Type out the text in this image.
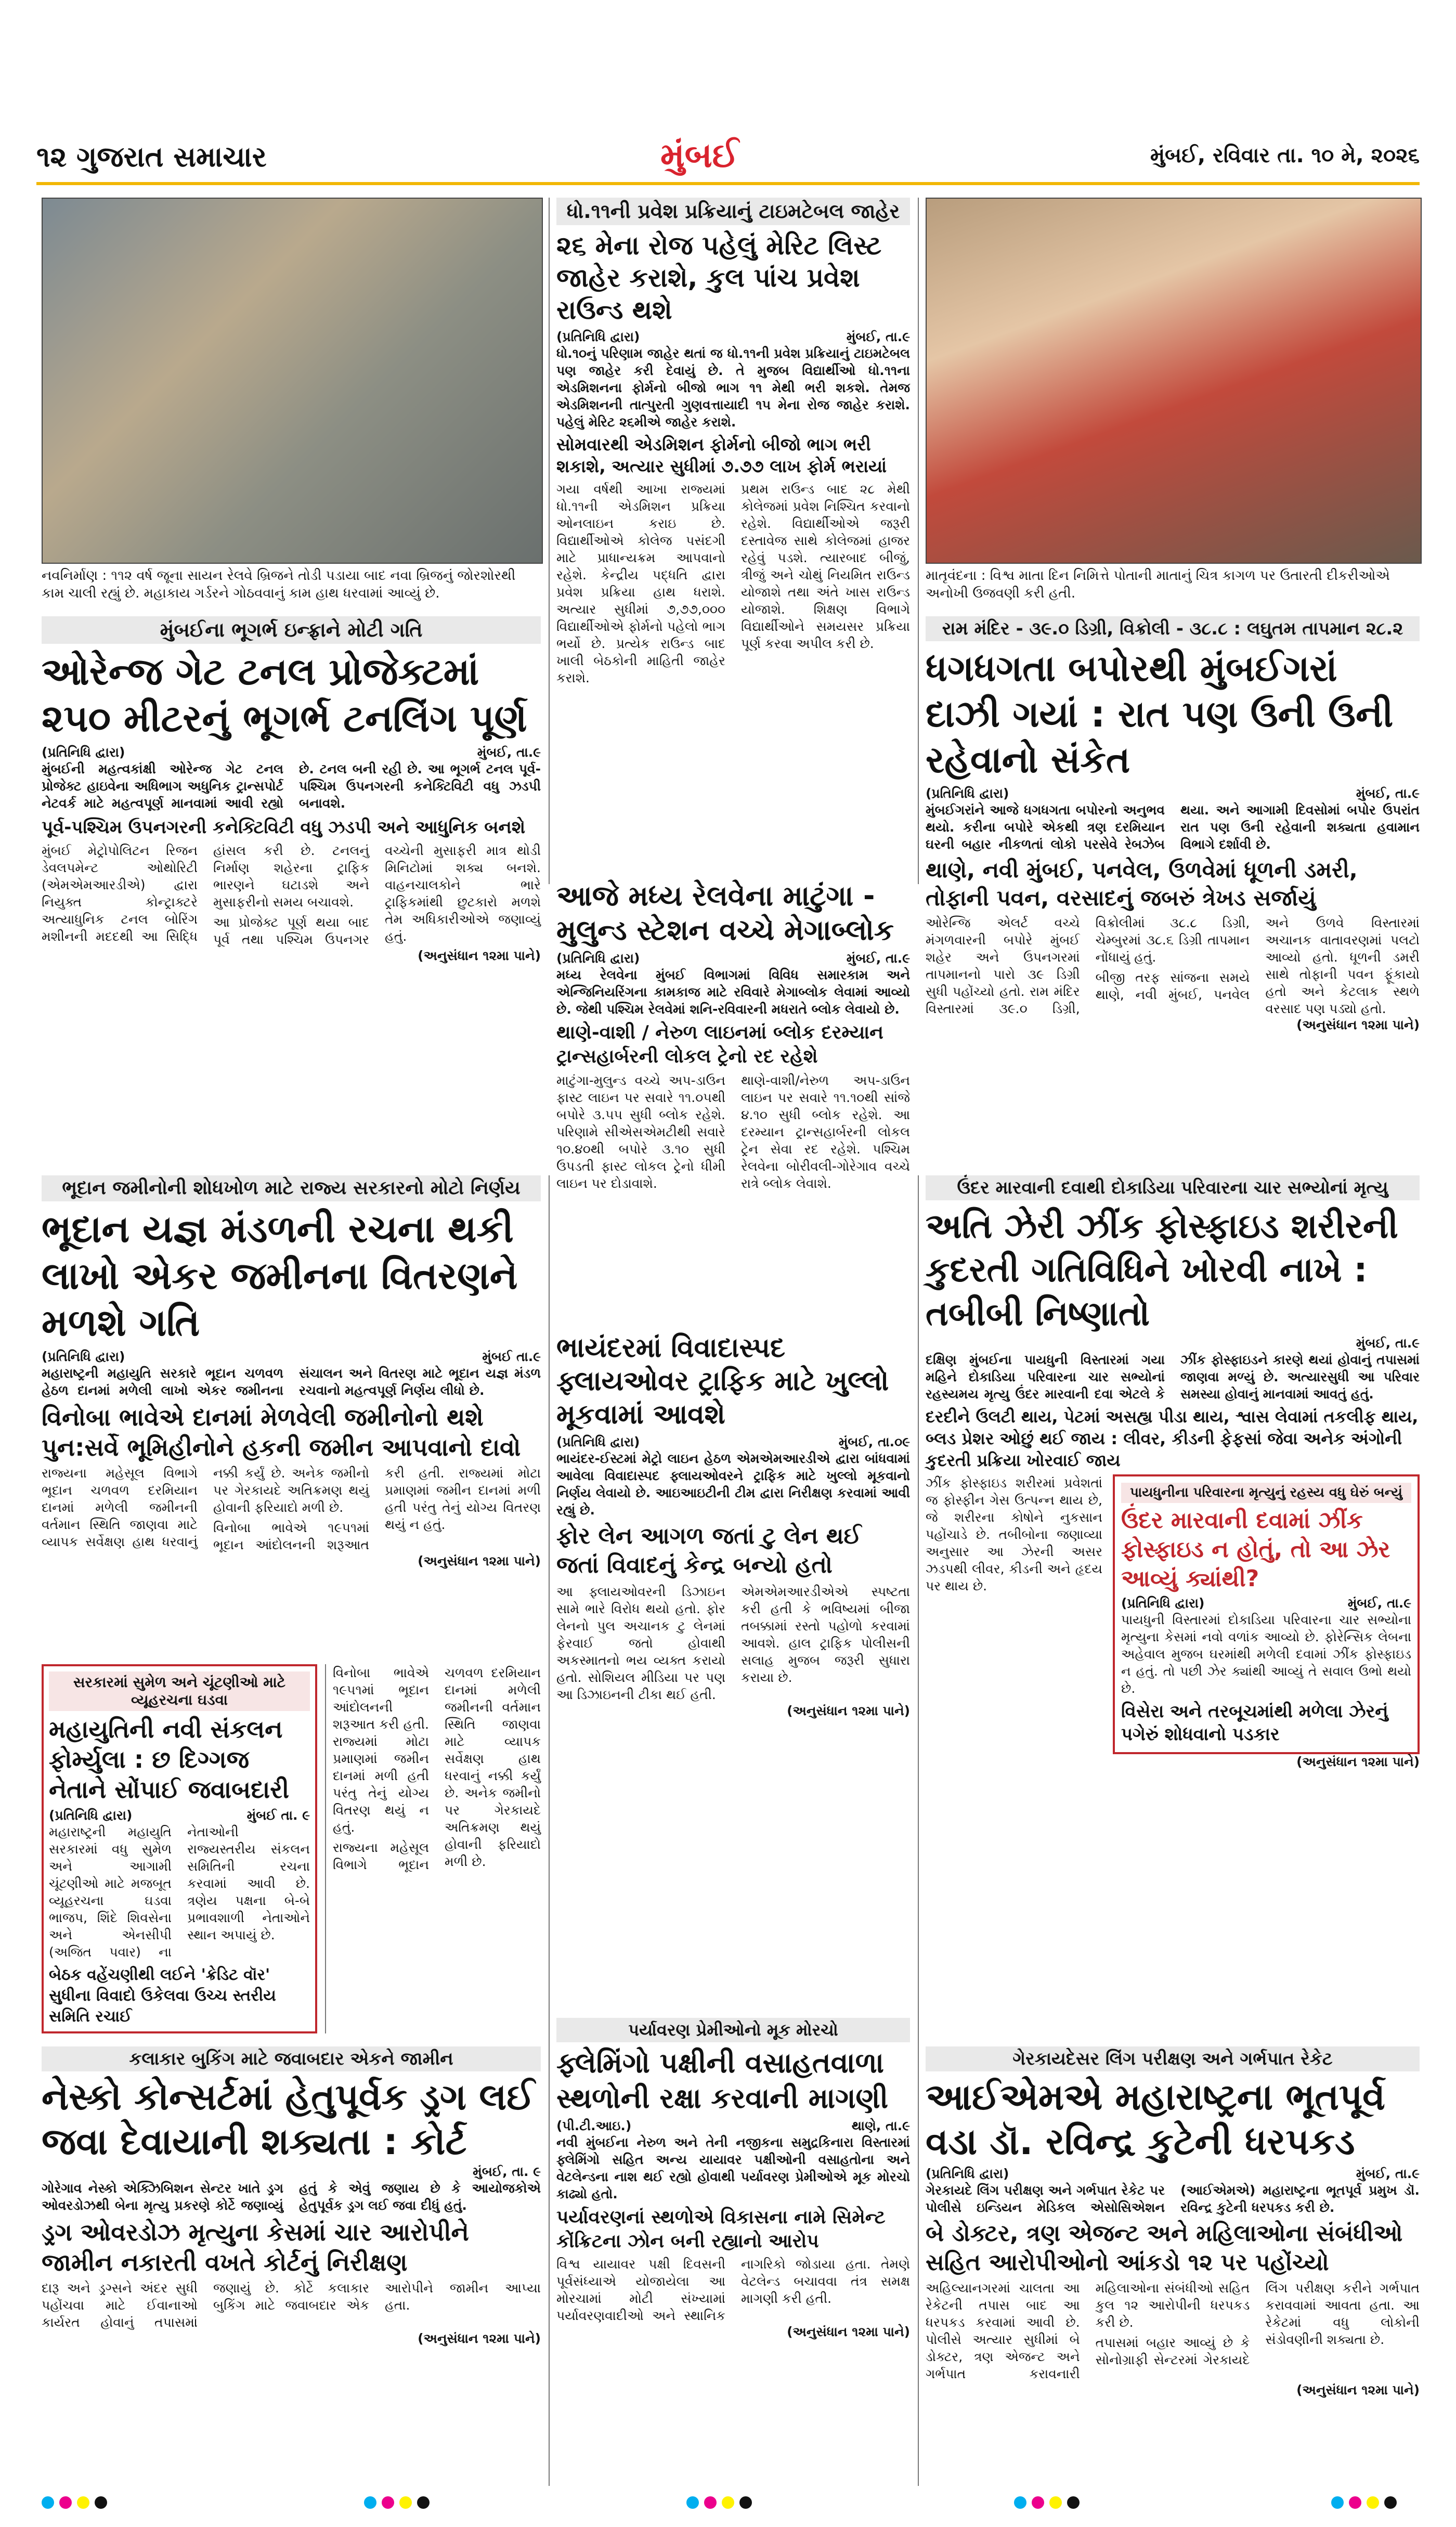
૧૨ ગુજરાત સમાચાર	મુંબઈ	મુંબઈ, રવિવાર તા. ૧૦ મે, ૨૦૨૬
નવનિર્માણ : ૧૧૨ વર્ષ જૂના સાયન રેલવે બ્રિજને તોડી પડાયા બાદ નવા બ્રિજનું જોરશોરથી કામ ચાલી રહ્યું છે. મહાકાય ગર્ડરને ગોઠવવાનું કામ હાથ ધરવામાં આવ્યું છે.
ધો.૧૧ની પ્રવેશ પ્રક્રિયાનું ટાઇમટેબલ જાહેર
૨૬ મેના રોજ પહેલું મેરિટ લિસ્ટ જાહેર કરાશે, કુલ પાંચ પ્રવેશ રાઉન્ડ થશે
(પ્રતિનિધિ દ્વારા)	મુંબઈ, તા.૯
ધો.૧૦નું પરિણામ જાહેર થતાં જ ધો.૧૧ની પ્રવેશ પ્રક્રિયાનું ટાઇમટેબલ પણ જાહેર કરી દેવાયું છે. તે મુજબ વિદ્યાર્થીઓ ધો.૧૧ના એડમિશનના ફોર્મનો બીજો ભાગ ૧૧ મેથી ભરી શકશે. તેમજ એડમિશનની તાત્પુરતી ગુણવત્તાયાદી ૧૫ મેના રોજ જાહેર કરાશે. પહેલું મેરિટ ૨૬મીએ જાહેર કરાશે.
સોમવારથી એડમિશન ફોર્મનો બીજો ભાગ ભરી શકાશે, અત્યાર સુધીમાં ૭.૭૭ લાખ ફોર્મ ભરાયાં

ગયા વર્ષથી આખા રાજ્યમાં ધો.૧૧ની એડમિશન પ્રક્રિયા ઓનલાઇન કરાઇ છે. વિદ્યાર્થીઓએ કોલેજ પસંદગી માટે પ્રાધાન્યક્રમ આપવાનો રહેશે. કેન્દ્રીય પદ્ધતિ દ્વારા પ્રવેશ પ્રક્રિયા હાથ ધરાશે. અત્યાર સુધીમાં ૭,૭૭,૦૦૦ વિદ્યાર્થીઓએ ફોર્મનો પહેલો ભાગ ભર્યો છે. પ્રત્યેક રાઉન્ડ બાદ ખાલી બેઠકોની માહિતી જાહેર કરાશે.

પ્રથમ રાઉન્ડ બાદ ૨૮ મેથી કોલેજમાં પ્રવેશ નિશ્ચિત કરવાનો રહેશે. વિદ્યાર્થીઓએ જરૂરી દસ્તાવેજ સાથે કોલેજમાં હાજર રહેવું પડશે. ત્યારબાદ બીજું, ત્રીજું અને ચોથું નિયમિત રાઉન્ડ યોજાશે તથા અંતે ખાસ રાઉન્ડ યોજાશે. શિક્ષણ વિભાગે વિદ્યાર્થીઓને સમયસર પ્રક્રિયા પૂર્ણ કરવા અપીલ કરી છે.

માતૃવંદના : વિશ્વ માતા દિન નિમિત્તે પોતાની માતાનું ચિત્ર કાગળ પર ઉતારતી દીકરીઓએ અનોખી ઉજવણી કરી હતી.
મુંબઈના ભૂગર્ભ ઇન્ફ્રાને મોટી ગતિ
ઓરેન્જ ગેટ ટનલ પ્રોજેક્ટમાં ૨૫૦ મીટરનું ભૂગર્ભ ટનલિંગ પૂર્ણ
(પ્રતિનિધિ દ્વારા)	મુંબઈ, તા.૯
મુંબઈની મહત્વકાંક્ષી ઓરેન્જ ગેટ ટનલ પ્રોજેક્ટ હાઇવેના અધિભાગ અધુનિક ટ્રાન્સપોર્ટ નેટવર્ક માટે મહત્વપૂર્ણ માનવામાં આવી રહ્યો છે. ટનલ બની રહી છે. આ ભૂગર્ભ ટનલ પૂર્વ-પશ્ચિમ ઉપનગરની કનેક્ટિવિટી વધુ ઝડપી બનાવશે.
પૂર્વ-પશ્ચિમ ઉપનગરની કનેક્ટિવિટી વધુ ઝડપી અને આધુનિક બનશે

મુંબઈ મેટ્રોપોલિટન રિજન ડેવલપમેન્ટ ઓથોરિટી (એમએમઆરડીએ) દ્વારા નિયુક્ત કોન્ટ્રાક્ટરે અત્યાધુનિક ટનલ બોરિંગ મશીનની મદદથી આ સિદ્ધિ હાંસલ કરી છે. ટનલનું નિર્માણ શહેરના ટ્રાફિક ભારણને ઘટાડશે અને મુસાફરીનો સમય બચાવશે.

આ પ્રોજેક્ટ પૂર્ણ થયા બાદ પૂર્વ તથા પશ્ચિમ ઉપનગર વચ્ચેની મુસાફરી માત્ર થોડી મિનિટોમાં શક્ય બનશે. વાહનચાલકોને ભારે ટ્રાફિકમાંથી છુટકારો મળશે તેમ અધિકારીઓએ જણાવ્યું હતું.

(અનુસંધાન ૧૨મા પાને)
આજે મધ્ય રેલવેના માટુંગા - મુલુન્ડ સ્ટેશન વચ્ચે મેગાબ્લોક
(પ્રતિનિધિ દ્વારા)	મુંબઈ, તા.૯
મધ્ય રેલવેના મુંબઈ વિભાગમાં વિવિધ સમારકામ અને એન્જિનિયરિંગના કામકાજ માટે રવિવારે મેગાબ્લોક લેવામાં આવ્યો છે. જેથી પશ્ચિમ રેલવેમાં શનિ-રવિવારની મધરાતે બ્લોક લેવાયો છે.
થાણે-વાશી / નેરુળ લાઇનમાં બ્લોક દરમ્યાન ટ્રાન્સહાર્બરની લોકલ ટ્રેનો રદ રહેશે

માટુંગા-મુલુન્ડ વચ્ચે અપ-ડાઉન ફાસ્ટ લાઇન પર સવારે ૧૧.૦૫થી બપોરે ૩.૫૫ સુધી બ્લોક રહેશે. પરિણામે સીએસએમટીથી સવારે ૧૦.૪૦થી બપોરે ૩.૧૦ સુધી ઉપડતી ફાસ્ટ લોકલ ટ્રેનો ધીમી લાઇન પર દોડાવાશે.

થાણે-વાશી/નેરુળ અપ-ડાઉન લાઇન પર સવારે ૧૧.૧૦થી સાંજે ૪.૧૦ સુધી બ્લોક રહેશે. આ દરમ્યાન ટ્રાન્સહાર્બરની લોકલ ટ્રેન સેવા રદ રહેશે. પશ્ચિમ રેલવેના બોરીવલી-ગોરેગાવ વચ્ચે રાત્રે બ્લોક લેવાશે.

રામ મંદિર - ૩૯.૦ ડિગ્રી, વિક્રોલી - ૩૮.૮ : લઘુતમ તાપમાન ૨૮.૨
ધગધગતા બપોરથી મુંબઈગરાં દાઝી ગયાં : રાત પણ ઉની ઉની રહેવાનો સંકેત
(પ્રતિનિધિ દ્વારા)	મુંબઈ, તા.૯
મુંબઈગરાંને આજે ધગધગતા બપોરનો અનુભવ થયો. કરીના બપોરે એકથી ત્રણ દરમિયાન ઘરની બહાર નીકળતાં લોકો પરસેવે રેબઝેબ થયા. અને આગામી દિવસોમાં બપોર ઉપરાંત રાત પણ ઉની રહેવાની શક્યતા હવામાન વિભાગે દર્શાવી છે.
થાણે, નવી મુંબઈ, પનવેલ, ઉળવેમાં ધૂળની ડમરી, તોફાની પવન, વરસાદનું જબરું ત્રેખડ સર્જાયું

ઓરેન્જિ એલર્ટ વચ્ચે મંગળવારની બપોરે મુંબઈ શહેર અને ઉપનગરમાં તાપમાનનો પારો ૩૯ ડિગ્રી સુધી પહોંચ્યો હતો. રામ મંદિર વિસ્તારમાં ૩૯.૦ ડિગ્રી, વિક્રોલીમાં ૩૮.૮ ડિગ્રી, ચેમ્બુરમાં ૩૮.૬ ડિગ્રી તાપમાન નોંધાયું હતું.

બીજી તરફ સાંજના સમયે થાણે, નવી મુંબઈ, પનવેલ અને ઉળવે વિસ્તારમાં અચાનક વાતાવરણમાં પલટો આવ્યો હતો. ધૂળની ડમરી સાથે તોફાની પવન ફૂંકાયો હતો અને કેટલાક સ્થળે વરસાદ પણ પડ્યો હતો.

(અનુસંધાન ૧૨મા પાને)
ભૂદાન જમીનોની શોધખોળ માટે રાજ્ય સરકારનો મોટો નિર્ણય
ભૂદાન યજ્ઞ મંડળની રચના થકી લાખો એકર જમીનના વિતરણને મળશે ગતિ
(પ્રતિનિધિ દ્વારા)	મુંબઈ તા.૯
મહારાષ્ટ્રની મહાયુતિ સરકારે ભૂદાન ચળવળ હેઠળ દાનમાં મળેલી લાખો એકર જમીનના સંચાલન અને વિતરણ માટે ભૂદાન યજ્ઞ મંડળ રચવાનો મહત્વપૂર્ણ નિર્ણય લીધો છે.
વિનોબા ભાવેએ દાનમાં મેળવેલી જમીનોનો થશે પુન:સર્વે ભૂમિહીનોને હકની જમીન આપવાનો દાવો

રાજ્યના મહેસૂલ વિભાગે ભૂદાન ચળવળ દરમિયાન દાનમાં મળેલી જમીનની વર્તમાન સ્થિતિ જાણવા માટે વ્યાપક સર્વેક્ષણ હાથ ધરવાનું નક્કી કર્યું છે. અનેક જમીનો પર ગેરકાયદે અતિક્રમણ થયું હોવાની ફરિયાદો મળી છે.

વિનોબા ભાવેએ ૧૯૫૧માં ભૂદાન આંદોલનની શરૂઆત કરી હતી. રાજ્યમાં મોટા પ્રમાણમાં જમીન દાનમાં મળી હતી પરંતુ તેનું યોગ્ય વિતરણ થયું ન હતું.

(અનુસંધાન ૧૨મા પાને)
સરકારમાં સુમેળ અને ચૂંટણીઓ માટે વ્યૂહરચના ઘડવા
મહાયુતિની નવી સંકલન ફોર્મ્યુલા : છ દિગ્ગજ નેતાને સોંપાઈ જવાબદારી
(પ્રતિનિધિ દ્વારા)	મુંબઈ તા. ૯
મહારાષ્ટ્રની મહાયુતિ સરકારમાં વધુ સુમેળ અને આગામી ચૂંટણીઓ માટે મજબૂત વ્યૂહરચના ઘડવા ભાજપ, શિંદે શિવસેના અને એનસીપી (અજિત પવાર) ના નેતાઓની રાજ્યસ્તરીય સંકલન સમિતિની રચના કરવામાં આવી છે. ત્રણેય પક્ષના બે-બે પ્રભાવશાળી નેતાઓને સ્થાન અપાયું છે.
બેઠક વહેંચણીથી લઈને 'ક્રેડિટ વૉર' સુધીના વિવાદો ઉકેલવા ઉચ્ચ સ્તરીય સમિતિ રચાઈ

વિનોબા ભાવેએ ૧૯૫૧માં ભૂદાન આંદોલનની શરૂઆત કરી હતી. રાજ્યમાં મોટા પ્રમાણમાં જમીન દાનમાં મળી હતી પરંતુ તેનું યોગ્ય વિતરણ થયું ન હતું.

રાજ્યના મહેસૂલ વિભાગે ભૂદાન ચળવળ દરમિયાન દાનમાં મળેલી જમીનની વર્તમાન સ્થિતિ જાણવા માટે વ્યાપક સર્વેક્ષણ હાથ ધરવાનું નક્કી કર્યું છે. અનેક જમીનો પર ગેરકાયદે અતિક્રમણ થયું હોવાની ફરિયાદો મળી છે.

ભાયંદરમાં વિવાદાસ્પદ ફ્લાયઓવર ટ્રાફિક માટે ખુલ્લો મૂકવામાં આવશે
(પ્રતિનિધિ દ્વારા)	મુંબઈ, તા.૦૯
ભાયંદર-ઈસ્ટમાં મેટ્રો લાઇન હેઠળ એમએમઆરડીએ દ્વારા બાંધવામાં આવેલા વિવાદાસ્પદ ફ્લાયઓવરને ટ્રાફિક માટે ખુલ્લો મૂકવાનો નિર્ણય લેવાયો છે. આઇઆઇટીની ટીમ દ્વારા નિરીક્ષણ કરવામાં આવી રહ્યું છે.
ફોર લેન આગળ જતાં ટુ લેન થઈ જતાં વિવાદનું કેન્દ્ર બન્યો હતો

આ ફ્લાયઓવરની ડિઝાઇન સામે ભારે વિરોધ થયો હતો. ફોર લેનનો પુલ અચાનક ટુ લેનમાં ફેરવાઈ જતો હોવાથી અકસ્માતનો ભય વ્યક્ત કરાયો હતો. સોશિયલ મીડિયા પર પણ આ ડિઝાઇનની ટીકા થઈ હતી.

એમએમઆરડીએએ સ્પષ્ટતા કરી હતી કે ભવિષ્યમાં બીજા તબક્કામાં રસ્તો પહોળો કરવામાં આવશે. હાલ ટ્રાફિક પોલીસની સલાહ મુજબ જરૂરી સુધારા કરાયા છે.

(અનુસંધાન ૧૨મા પાને)
ઉંદર મારવાની દવાથી દોકાડિયા પરિવારના ચાર સભ્યોનાં મૃત્યુ
અતિ ઝેરી ઝીંક ફોસ્ફાઇડ શરીરની કુદરતી ગતિવિધિને ખોરવી નાખે : તબીબી નિષ્ણાતો
મુંબઈ, તા.૯
દક્ષિણ મુંબઈના પાયધુની વિસ્તારમાં ગયા મહિને દોકાડિયા પરિવારના ચાર સભ્યોનાં રહસ્યમય મૃત્યુ ઉંદર મારવાની દવા એટલે કે ઝીંક ફોસ્ફાઇડને કારણે થયાં હોવાનું તપાસમાં જાણવા મળ્યું છે. અત્યારસુધી આ પરિવાર સમસ્યા હોવાનું માનવામાં આવતું હતું.
દરદીને ઉલટી થાય, પેટમાં અસહ્ય પીડા થાય, શ્વાસ લેવામાં તકલીફ થાય, બ્લડ પ્રેશર ઓછું થઈ જાય : લીવર, કીડની ફેફસાં જેવા અનેક અંગોની કુદરતી પ્રક્રિયા ખોરવાઈ જાય
ઝીંક ફોસ્ફાઇડ શરીરમાં પ્રવેશતાં જ ફોસ્ફીન ગેસ ઉત્પન્ન થાય છે, જે શરીરના કોષોને નુકસાન પહોંચાડે છે. તબીબોના જણાવ્યા અનુસાર આ ઝેરની અસર ઝડપથી લીવર, કીડની અને હૃદય પર થાય છે.
પાયધુનીના પરિવારના મૃત્યુનું રહસ્ય વધુ ઘેરું બન્યું
ઉંદર મારવાની દવામાં ઝીંક ફોસ્ફાઇડ ન હોતું, તો આ ઝેર આવ્યું ક્યાંથી?
(પ્રતિનિધિ દ્વારા)	મુંબઈ, તા.૯
પાયધુની વિસ્તારમાં દોકાડિયા પરિવારના ચાર સભ્યોના મૃત્યુના કેસમાં નવો વળાંક આવ્યો છે. ફોરેન્સિક લેબના અહેવાલ મુજબ ઘરમાંથી મળેલી દવામાં ઝીંક ફોસ્ફાઇડ ન હતું. તો પછી ઝેર ક્યાંથી આવ્યું તે સવાલ ઉભો થયો છે.
વિસેરા અને તરબૂચમાંથી મળેલા ઝેરનું પગેરું શોધવાનો પડકાર
(અનુસંધાન ૧૨મા પાને)
કલાકાર બુકિંગ માટે જવાબદાર એકને જામીન
નેસ્કો કોન્સર્ટમાં હેતુપૂર્વક ડ્રગ લઈ જવા દેવાયાની શક્યતા : કોર્ટ
મુંબઈ, તા. ૯
ગોરેગાવ નેસ્કો એક્ઝિબિશન સેન્ટર ખાતે ડ્રગ ઓવરડોઝથી બેના મૃત્યુ પ્રકરણે કોર્ટે જણાવ્યું હતું કે એવું જણાય છે કે આયોજકોએ હેતુપૂર્વક ડ્રગ લઈ જવા દીધું હતું.
ડ્રગ ઓવરડોઝ મૃત્યુના કેસમાં ચાર આરોપીને જામીન નકારતી વખતે કોર્ટનું નિરીક્ષણ
દારૂ અને ડ્રગ્સને અંદર સુધી પહોંચવા માટે ઈવાનાઓ કાર્યરત હોવાનું તપાસમાં જણાયું છે. કોર્ટે કલાકાર બુકિંગ માટે જવાબદાર એક આરોપીને જામીન આપ્યા હતા.
(અનુસંધાન ૧૨મા પાને)
પર્યાવરણ પ્રેમીઓનો મૂક મોરચો
ફ્લેમિંગો પક્ષીની વસાહતવાળા સ્થળોની રક્ષા કરવાની માગણી
(પી.ટી.આઇ.)	થાણે, તા.૯
નવી મુંબઈના નેરુળ અને તેની નજીકના સમુદ્રકિનારા વિસ્તારમાં ફ્લેમિંગો સહિત અન્ય યાયાવર પક્ષીઓની વસાહતોના અને વેટલેન્ડના નાશ થઈ રહ્યો હોવાથી પર્યાવરણ પ્રેમીઓએ મૂક મોરચો કાઢ્યો હતો.
પર્યાવરણનાં સ્થળોએ વિકાસના નામે સિમેન્ટ કોંક્રિટના ઝોન બની રહ્યાનો આરોપ
વિશ્વ યાયાવર પક્ષી દિવસની પૂર્વસંધ્યાએ યોજાયેલા આ મોરચામાં મોટી સંખ્યામાં પર્યાવરણવાદીઓ અને સ્થાનિક નાગરિકો જોડાયા હતા. તેમણે વેટલેન્ડ બચાવવા તંત્ર સમક્ષ માગણી કરી હતી.
(અનુસંધાન ૧૨મા પાને)
ગેરકાયદેસર લિંગ પરીક્ષણ અને ગર્ભપાત રેકેટ
આઈએમએ મહારાષ્ટ્રના ભૂતપૂર્વ વડા ડૉ. રવિન્દ્ર કુટેની ધરપકડ
(પ્રતિનિધિ દ્વારા)	મુંબઈ, તા.૯
ગેરકાયદે લિંગ પરીક્ષણ અને ગર્ભપાત રેકેટ પર પોલીસે ઇન્ડિયન મેડિકલ એસોસિએશન (આઈએમએ) મહારાષ્ટ્રના ભૂતપૂર્વ પ્રમુખ ડૉ. રવિન્દ્ર કુટેની ધરપકડ કરી છે.
બે ડોક્ટર, ત્રણ એજન્ટ અને મહિલાઓના સંબંધીઓ સહિત આરોપીઓનો આંકડો ૧૨ પર પહોંચ્યો

અહિલ્યાનગરમાં ચાલતા આ રેકેટની તપાસ બાદ આ ધરપકડ કરવામાં આવી છે. પોલીસે અત્યાર સુધીમાં બે ડોક્ટર, ત્રણ એજન્ટ અને ગર્ભપાત કરાવનારી મહિલાઓના સંબંધીઓ સહિત કુલ ૧૨ આરોપીની ધરપકડ કરી છે.

તપાસમાં બહાર આવ્યું છે કે સોનોગ્રાફી સેન્ટરમાં ગેરકાયદે લિંગ પરીક્ષણ કરીને ગર્ભપાત કરાવવામાં આવતા હતા. આ રેકેટમાં વધુ લોકોની સંડોવણીની શક્યતા છે.

(અનુસંધાન ૧૨મા પાને)
